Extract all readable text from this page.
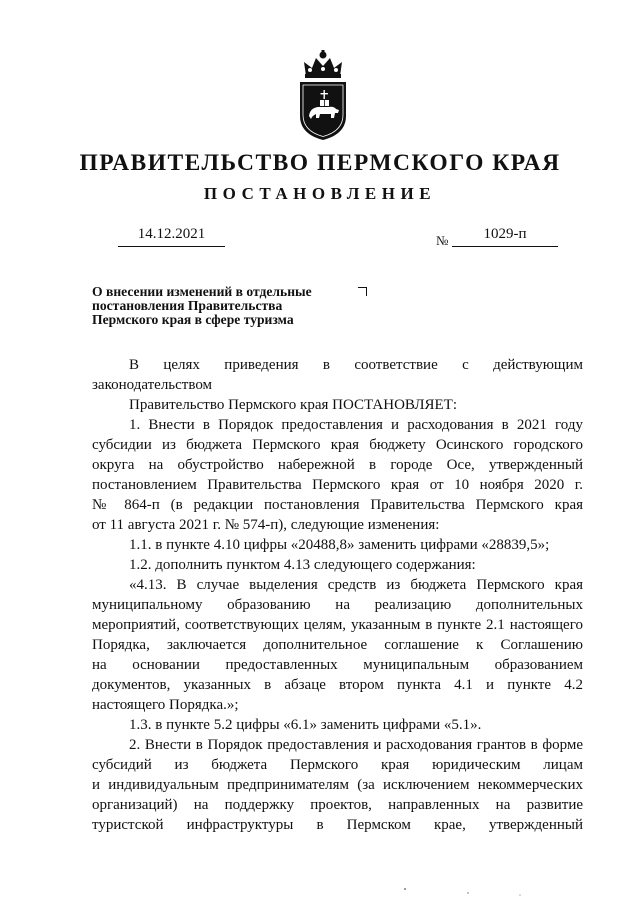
ПРАВИТЕЛЬСТВО ПЕРМСКОГО КРАЯ
ПОСТАНОВЛЕНИЕ
14.12.2021	№	1029-п
О внесении изменений в отдельные
постановления Правительства
Пермского края в сфере туризма

В целях приведения в соответствие с действующим

законодательством

Правительство Пермского края ПОСТАНОВЛЯЕТ:

1. Внести в Порядок предоставления и расходования в 2021 году

субсидии из бюджета Пермского края бюджету Осинского городского

округа на обустройство набережной в городе Осе, утвержденный

постановлением Правительства Пермского края от 10 ноября 2020 г.

№ 864-п (в редакции постановления Правительства Пермского края

от 11 августа 2021 г. № 574-п), следующие изменения:

1.1. в пункте 4.10 цифры «20488,8» заменить цифрами «28839,5»;

1.2. дополнить пунктом 4.13 следующего содержания:

«4.13. В случае выделения средств из бюджета Пермского края

муниципальному образованию на реализацию дополнительных

мероприятий, соответствующих целям, указанным в пункте 2.1 настоящего

Порядка, заключается дополнительное соглашение к Соглашению

на основании предоставленных муниципальным образованием

документов, указанных в абзаце втором пункта 4.1 и пункте 4.2

настоящего Порядка.»;

1.3. в пункте 5.2 цифры «6.1» заменить цифрами «5.1».

2. Внести в Порядок предоставления и расходования грантов в форме

субсидий из бюджета Пермского края юридическим лицам

и индивидуальным предпринимателям (за исключением некоммерческих

организаций) на поддержку проектов, направленных на развитие

туристской инфраструктуры в Пермском крае, утвержденный
